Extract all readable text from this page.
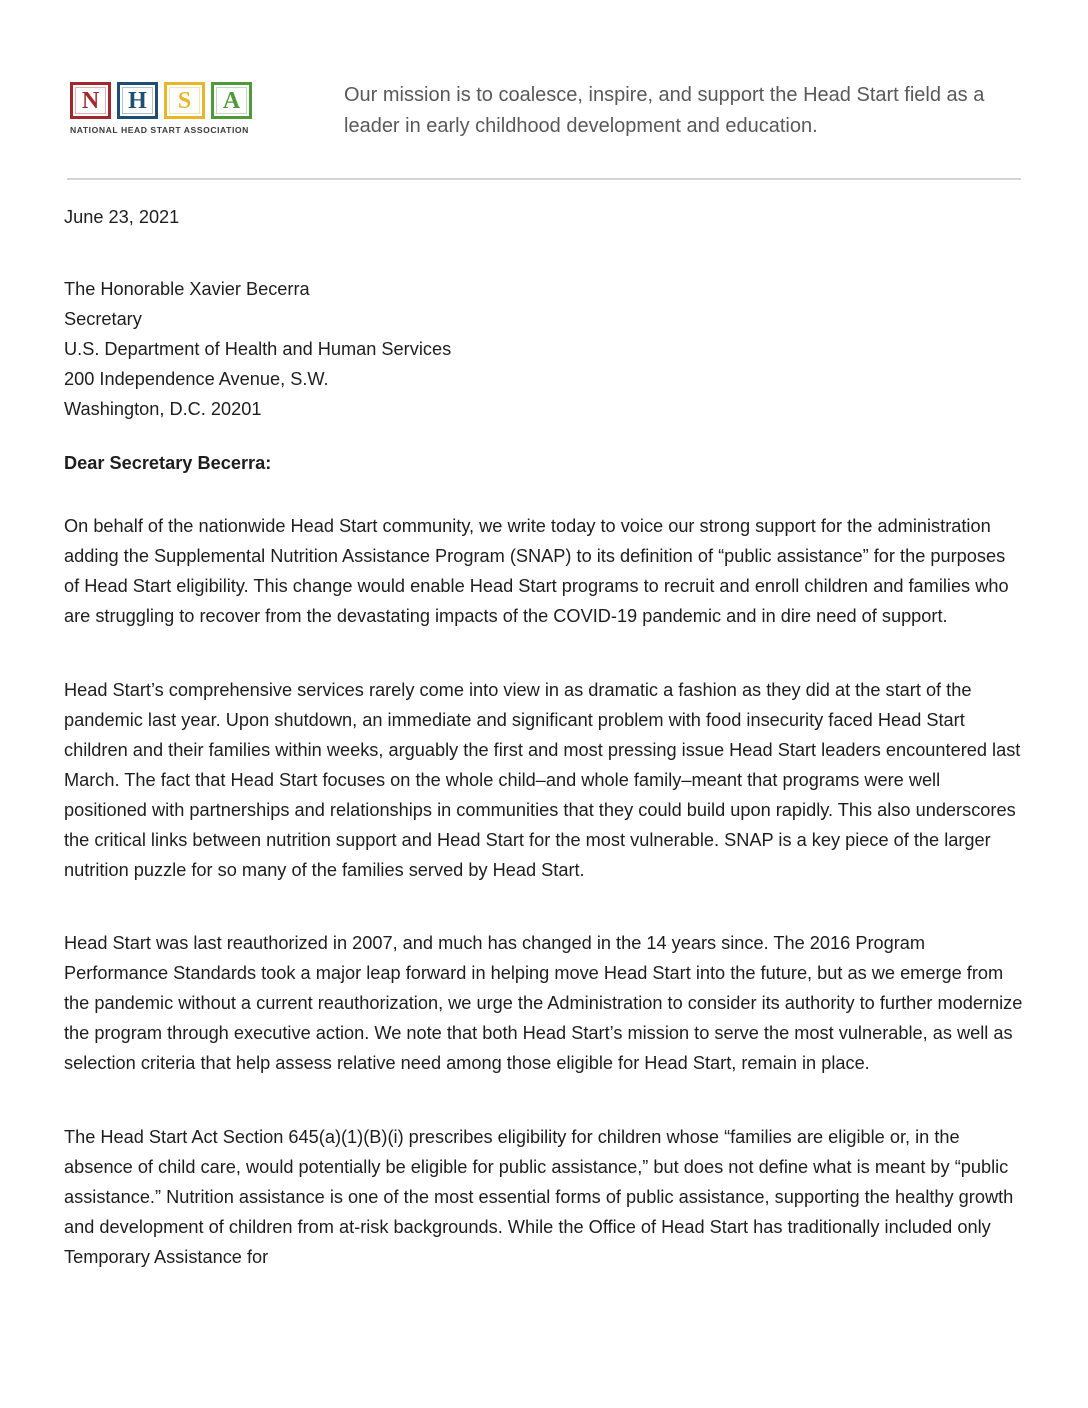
N	H	S	A
NATIONAL HEAD START ASSOCIATION
Our mission is to coalesce, inspire, and support the Head Start field as a leader in early childhood development and education.
June 23, 2021
The Honorable Xavier Becerra
Secretary
U.S. Department of Health and Human Services
200 Independence Avenue, S.W.
Washington, D.C. 20201
Dear Secretary Becerra:

On behalf of the nationwide Head Start community, we write today to voice our strong support for the administration adding the Supplemental Nutrition Assistance Program (SNAP) to its definition of “public assistance” for the purposes of Head Start eligibility. This change would enable Head Start programs to recruit and enroll children and families who are struggling to recover from the devastating impacts of the COVID-19 pandemic and in dire need of support.

Head Start’s comprehensive services rarely come into view in as dramatic a fashion as they did at the start of the pandemic last year. Upon shutdown, an immediate and significant problem with food insecurity faced Head Start children and their families within weeks, arguably the first and most pressing issue Head Start leaders encountered last March. The fact that Head Start focuses on the whole child–and whole family–meant that programs were well positioned with partnerships and relationships in communities that they could build upon rapidly. This also underscores the critical links between nutrition support and Head Start for the most vulnerable. SNAP is a key piece of the larger nutrition puzzle for so many of the families served by Head Start.

Head Start was last reauthorized in 2007, and much has changed in the 14 years since. The 2016 Program Performance Standards took a major leap forward in helping move Head Start into the future, but as we emerge from the pandemic without a current reauthorization, we urge the Administration to consider its authority to further modernize the program through executive action. We note that both Head Start’s mission to serve the most vulnerable, as well as selection criteria that help assess relative need among those eligible for Head Start, remain in place.

The Head Start Act Section 645(a)(1)(B)(i) prescribes eligibility for children whose “families are eligible or, in the absence of child care, would potentially be eligible for public assistance,” but does not define what is meant by “public assistance.” Nutrition assistance is one of the most essential forms of public assistance, supporting the healthy growth and development of children from at-risk backgrounds. While the Office of Head Start has traditionally included only Temporary Assistance for
